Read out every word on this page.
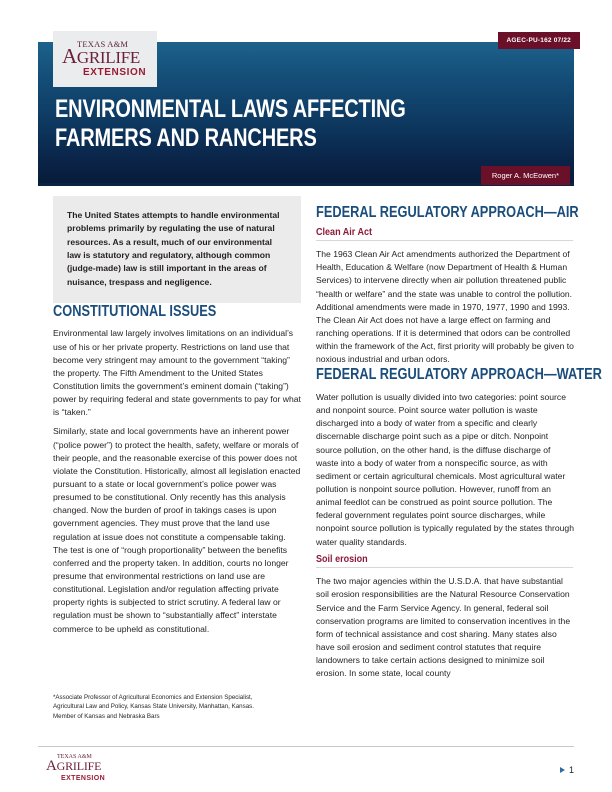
TEXAS A&M
AGRILIFE
EXTENSION
AGEC-PU-162 07/22
ENVIRONMENTAL LAWS AFFECTING FARMERS AND RANCHERS
Roger A. McEowen*
The United States attempts to handle environmental problems primarily by regulating the use of natural resources. As a result, much of our environmental law is statutory and regulatory, although common (judge-made) law is still important in the areas of nuisance, trespass and negligence.
CONSTITUTIONAL ISSUES

Environmental law largely involves limitations on an individual’s use of his or her private property. Restrictions on land use that become very stringent may amount to the government “taking” the property. The Fifth Amendment to the United States Constitution limits the government’s eminent domain (“taking”) power by requiring federal and state governments to pay for what is “taken.”

Similarly, state and local governments have an inherent power (“police power”) to protect the health, safety, welfare or morals of their people, and the reasonable exercise of this power does not violate the Constitution. Historically, almost all legislation enacted pursuant to a state or local government’s police power was presumed to be constitutional. Only recently has this analysis changed. Now the burden of proof in takings cases is upon government agencies. They must prove that the land use regulation at issue does not constitute a compensable taking. The test is one of “rough proportionality” between the benefits conferred and the property taken. In addition, courts no longer presume that environmental restrictions on land use are constitutional. Legislation and/or regulation affecting private property rights is subjected to strict scrutiny. A federal law or regulation must be shown to “substantially affect” interstate commerce to be upheld as constitutional.

FEDERAL REGULATORY APPROACH—AIR
Clean Air Act

The 1963 Clean Air Act amendments authorized the Department of Health, Education & Welfare (now Department of Health & Human Services) to intervene directly when air pollution threatened public “health or welfare” and the state was unable to control the pollution. Additional amendments were made in 1970, 1977, 1990 and 1993. The Clean Air Act does not have a large effect on farming and ranching operations. If it is determined that odors can be controlled within the framework of the Act, first priority will probably be given to noxious industrial and urban odors.

FEDERAL REGULATORY APPROACH—WATER

Water pollution is usually divided into two categories: point source and nonpoint source. Point source water pollution is waste discharged into a body of water from a specific and clearly discernable discharge point such as a pipe or ditch. Nonpoint source pollution, on the other hand, is the diffuse discharge of waste into a body of water from a nonspecific source, as with sediment or certain agricultural chemicals. Most agricultural water pollution is nonpoint source pollution. However, runoff from an animal feedlot can be construed as point source pollution. The federal government regulates point source discharges, while nonpoint source pollution is typically regulated by the states through water quality standards.

Soil erosion

The two major agencies within the U.S.D.A. that have substantial soil erosion responsibilities are the Natural Resource Conservation Service and the Farm Service Agency. In general, federal soil conservation programs are limited to conservation incentives in the form of technical assistance and cost sharing. Many states also have soil erosion and sediment control statutes that require landowners to take certain actions designed to minimize soil erosion. In some state, local county

*Associate Professor of Agricultural Economics and Extension Specialist,
Agricultural Law and Policy, Kansas State University, Manhattan, Kansas.
Member of Kansas and Nebraska Bars
TEXAS A&M
AGRILIFE
EXTENSION
1
